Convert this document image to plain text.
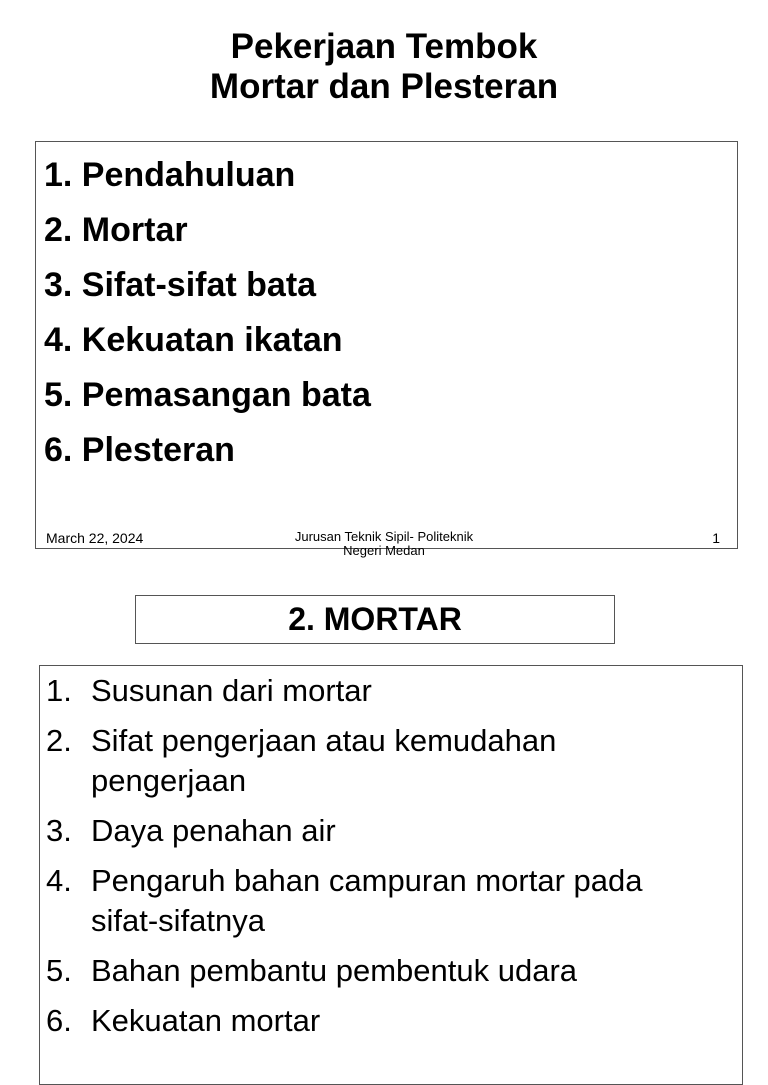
Pekerjaan Tembok
Mortar dan Plesteran
1. Pendahuluan
2. Mortar
3. Sifat-sifat bata
4. Kekuatan ikatan
5. Pemasangan bata
6. Plesteran
March 22, 2024	Jurusan Teknik Sipil- Politeknik
Negeri Medan
1
2. MORTAR
1. Susunan dari mortar
2. Sifat pengerjaan atau kemudahan pengerjaan
3. Daya penahan air
4. Pengaruh bahan campuran mortar pada sifat-sifatnya
5. Bahan pembantu pembentuk udara
6. Kekuatan mortar
